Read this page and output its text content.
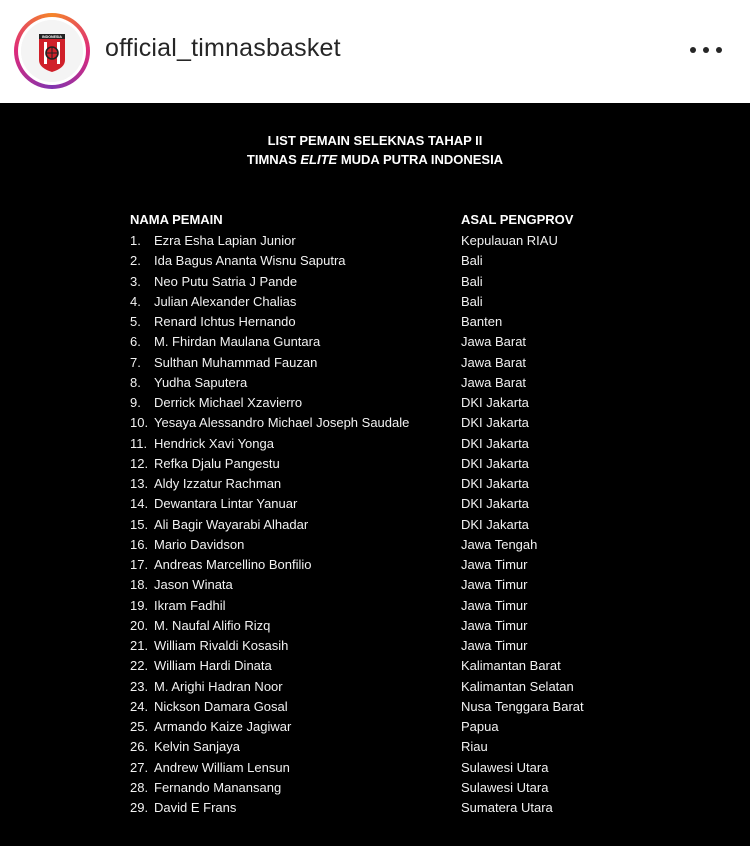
INDONESIA official_timnasbasket
LIST PEMAIN SELEKNAS TAHAP II
TIMNAS ELITE MUDA PUTRA INDONESIA
NAMA PEMAIN	ASAL PENGPROV
1. Ezra Esha Lapian Junior	Kepulauan RIAU
2. Ida Bagus Ananta Wisnu Saputra	Bali
3. Neo Putu Satria J Pande	Bali
4. Julian Alexander Chalias	Bali
5. Renard Ichtus Hernando	Banten
6. M. Fhirdan Maulana Guntara	Jawa Barat
7. Sulthan Muhammad Fauzan	Jawa Barat
8. Yudha Saputera	Jawa Barat
9. Derrick Michael Xzavierro	DKI Jakarta
10. Yesaya Alessandro Michael Joseph Saudale	DKI Jakarta
11. Hendrick Xavi Yonga	DKI Jakarta
12. Refka Djalu Pangestu	DKI Jakarta
13. Aldy Izzatur Rachman	DKI Jakarta
14. Dewantara Lintar Yanuar	DKI Jakarta
15. Ali Bagir Wayarabi Alhadar	DKI Jakarta
16. Mario Davidson	Jawa Tengah
17. Andreas Marcellino Bonfilio	Jawa Timur
18. Jason Winata	Jawa Timur
19. Ikram Fadhil	Jawa Timur
20. M. Naufal Alifio Rizq	Jawa Timur
21. William Rivaldi Kosasih	Jawa Timur
22. William Hardi Dinata	Kalimantan Barat
23. M. Arighi Hadran Noor	Kalimantan Selatan
24. Nickson Damara Gosal	Nusa Tenggara Barat
25. Armando Kaize Jagiwar	Papua
26. Kelvin Sanjaya	Riau
27. Andrew William Lensun	Sulawesi Utara
28. Fernando Manansang	Sulawesi Utara
29. David E Frans	Sumatera Utara
